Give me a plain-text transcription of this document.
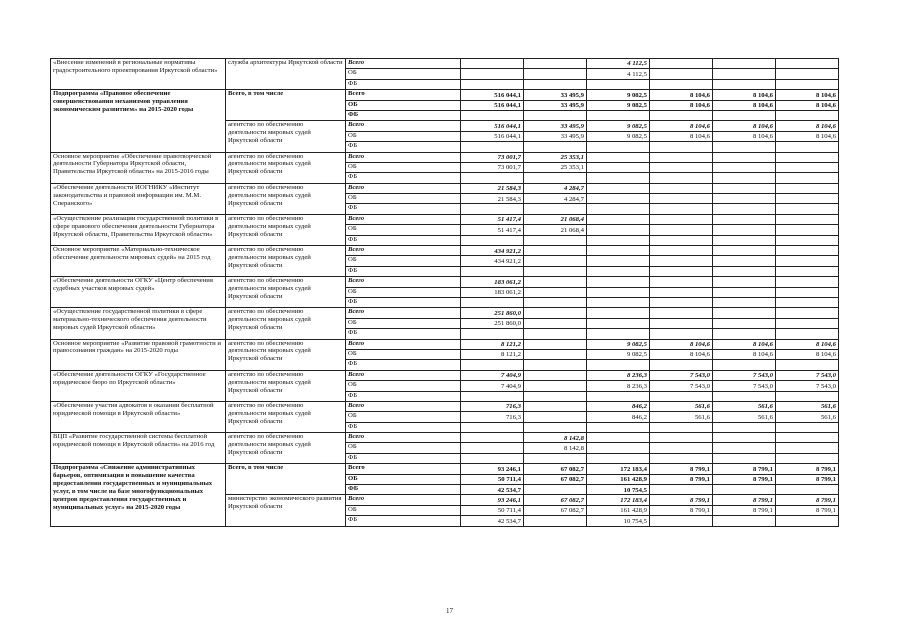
«Внесение изменений в региональные нормативы градостроительного проектирования Иркутской области»	служба архитектуры Иркутской области	Всего			4 112,5			
		ОБ			4 112,5			
		ФБ						
Подпрограмма «Правовое обеспечение совершенствования механизмов управления экономическим развитием» на 2015-2020 годы	Всего, в том числе	Всего	516 044,1	33 495,9	9 082,5	8 104,6	8 104,6	8 104,6
		ОБ	516 044,1	33 495,9	9 082,5	8 104,6	8 104,6	8 104,6
		ФБ						
	агентство по обеспечению деятельности мировых судей Иркутской области	Всего	516 044,1	33 495,9	9 082,5	8 104,6	8 104,6	8 104,6
		ОБ	516 044,1	33 495,9	9 082,5	8 104,6	8 104,6	8 104,6
		ФБ						
Основное мероприятие «Обеспечение правотворческой деятельности Губернатора Иркутской области, Правительства Иркутской области» на 2015-2016 годы	агентство по обеспечению деятельности мировых судей Иркутской области	Всего	73 001,7	25 353,1				
		ОБ	73 001,7	25 353,1				
		ФБ						
«Обеспечение деятельности ИОГНИКУ «Институт законодательства и правовой информации им. М.М. Сперанского»	агентство по обеспечению деятельности мировых судей Иркутской области	Всего	21 584,3	4 284,7				
		ОБ	21 584,3	4 284,7				
		ФБ						
«Осуществление реализации государственной политики в сфере правового обеспечения деятельности Губернатора Иркутской области, Правительства Иркутской области»	агентство по обеспечению деятельности мировых судей Иркутской области	Всего	51 417,4	21 068,4				
		ОБ	51 417,4	21 068,4				
		ФБ						
Основное мероприятие «Материально-техническое обеспечение деятельности мировых судей» на 2015 год	агентство по обеспечению деятельности мировых судей Иркутской области	Всего	434 921,2					
		ОБ	434 921,2					
		ФБ						
«Обеспечение деятельности ОГКУ «Центр обеспечения судебных участков мировых судей»	агентство по обеспечению деятельности мировых судей Иркутской области	Всего	183 061,2					
		ОБ	183 061,2					
		ФБ						
«Осуществление государственной политики в сфере материально-технического обеспечения деятельности мировых судей Иркутской области»	агентство по обеспечению деятельности мировых судей Иркутской области	Всего	251 860,0					
		ОБ	251 860,0					
		ФБ						
Основное мероприятие «Развитие правовой грамотности и правосознания граждан» на 2015-2020 годы	агентство по обеспечению деятельности мировых судей Иркутской области	Всего	8 121,2		9 082,5	8 104,6	8 104,6	8 104,6
		ОБ	8 121,2		9 082,5	8 104,6	8 104,6	8 104,6
		ФБ						
«Обеспечение деятельности ОГКУ «Государственное юридическое бюро по Иркутской области»	агентство по обеспечению деятельности мировых судей Иркутской области	Всего	7 404,9		8 236,3	7 543,0	7 543,0	7 543,0
		ОБ	7 404,9		8 236,3	7 543,0	7 543,0	7 543,0
		ФБ						
«Обеспечение участия адвокатов в оказании бесплатной юридической помощи в Иркутской области»	агентство по обеспечению деятельности мировых судей Иркутской области	Всего	716,3		846,2	561,6	561,6	561,6
		ОБ	716,3		846,2	561,6	561,6	561,6
		ФБ						
ВЦП «Развитие государственной системы бесплатной юридической помощи в Иркутской области» на 2016 год	агентство по обеспечению деятельности мировых судей Иркутской области	Всего		8 142,8				
		ОБ		8 142,8				
		ФБ						
Подпрограмма «Снижение административных барьеров, оптимизация и повышение качества предоставления государственных и муниципальных услуг, в том числе на базе многофункциональных центров предоставления государственных и муниципальных услуг» на 2015-2020 годы	Всего, в том числе	Всего	93 246,1	67 082,7	172 183,4	8 799,1	8 799,1	8 799,1
		ОБ	50 711,4	67 082,7	161 428,9	8 799,1	8 799,1	8 799,1
		ФБ	42 534,7		10 754,5			
	министерство экономического развития Иркутской области	Всего	93 246,1	67 082,7	172 183,4	8 799,1	8 799,1	8 799,1
		ОБ	50 711,4	67 082,7	161 428,9	8 799,1	8 799,1	8 799,1
		ФБ	42 534,7		10 754,5			
17
